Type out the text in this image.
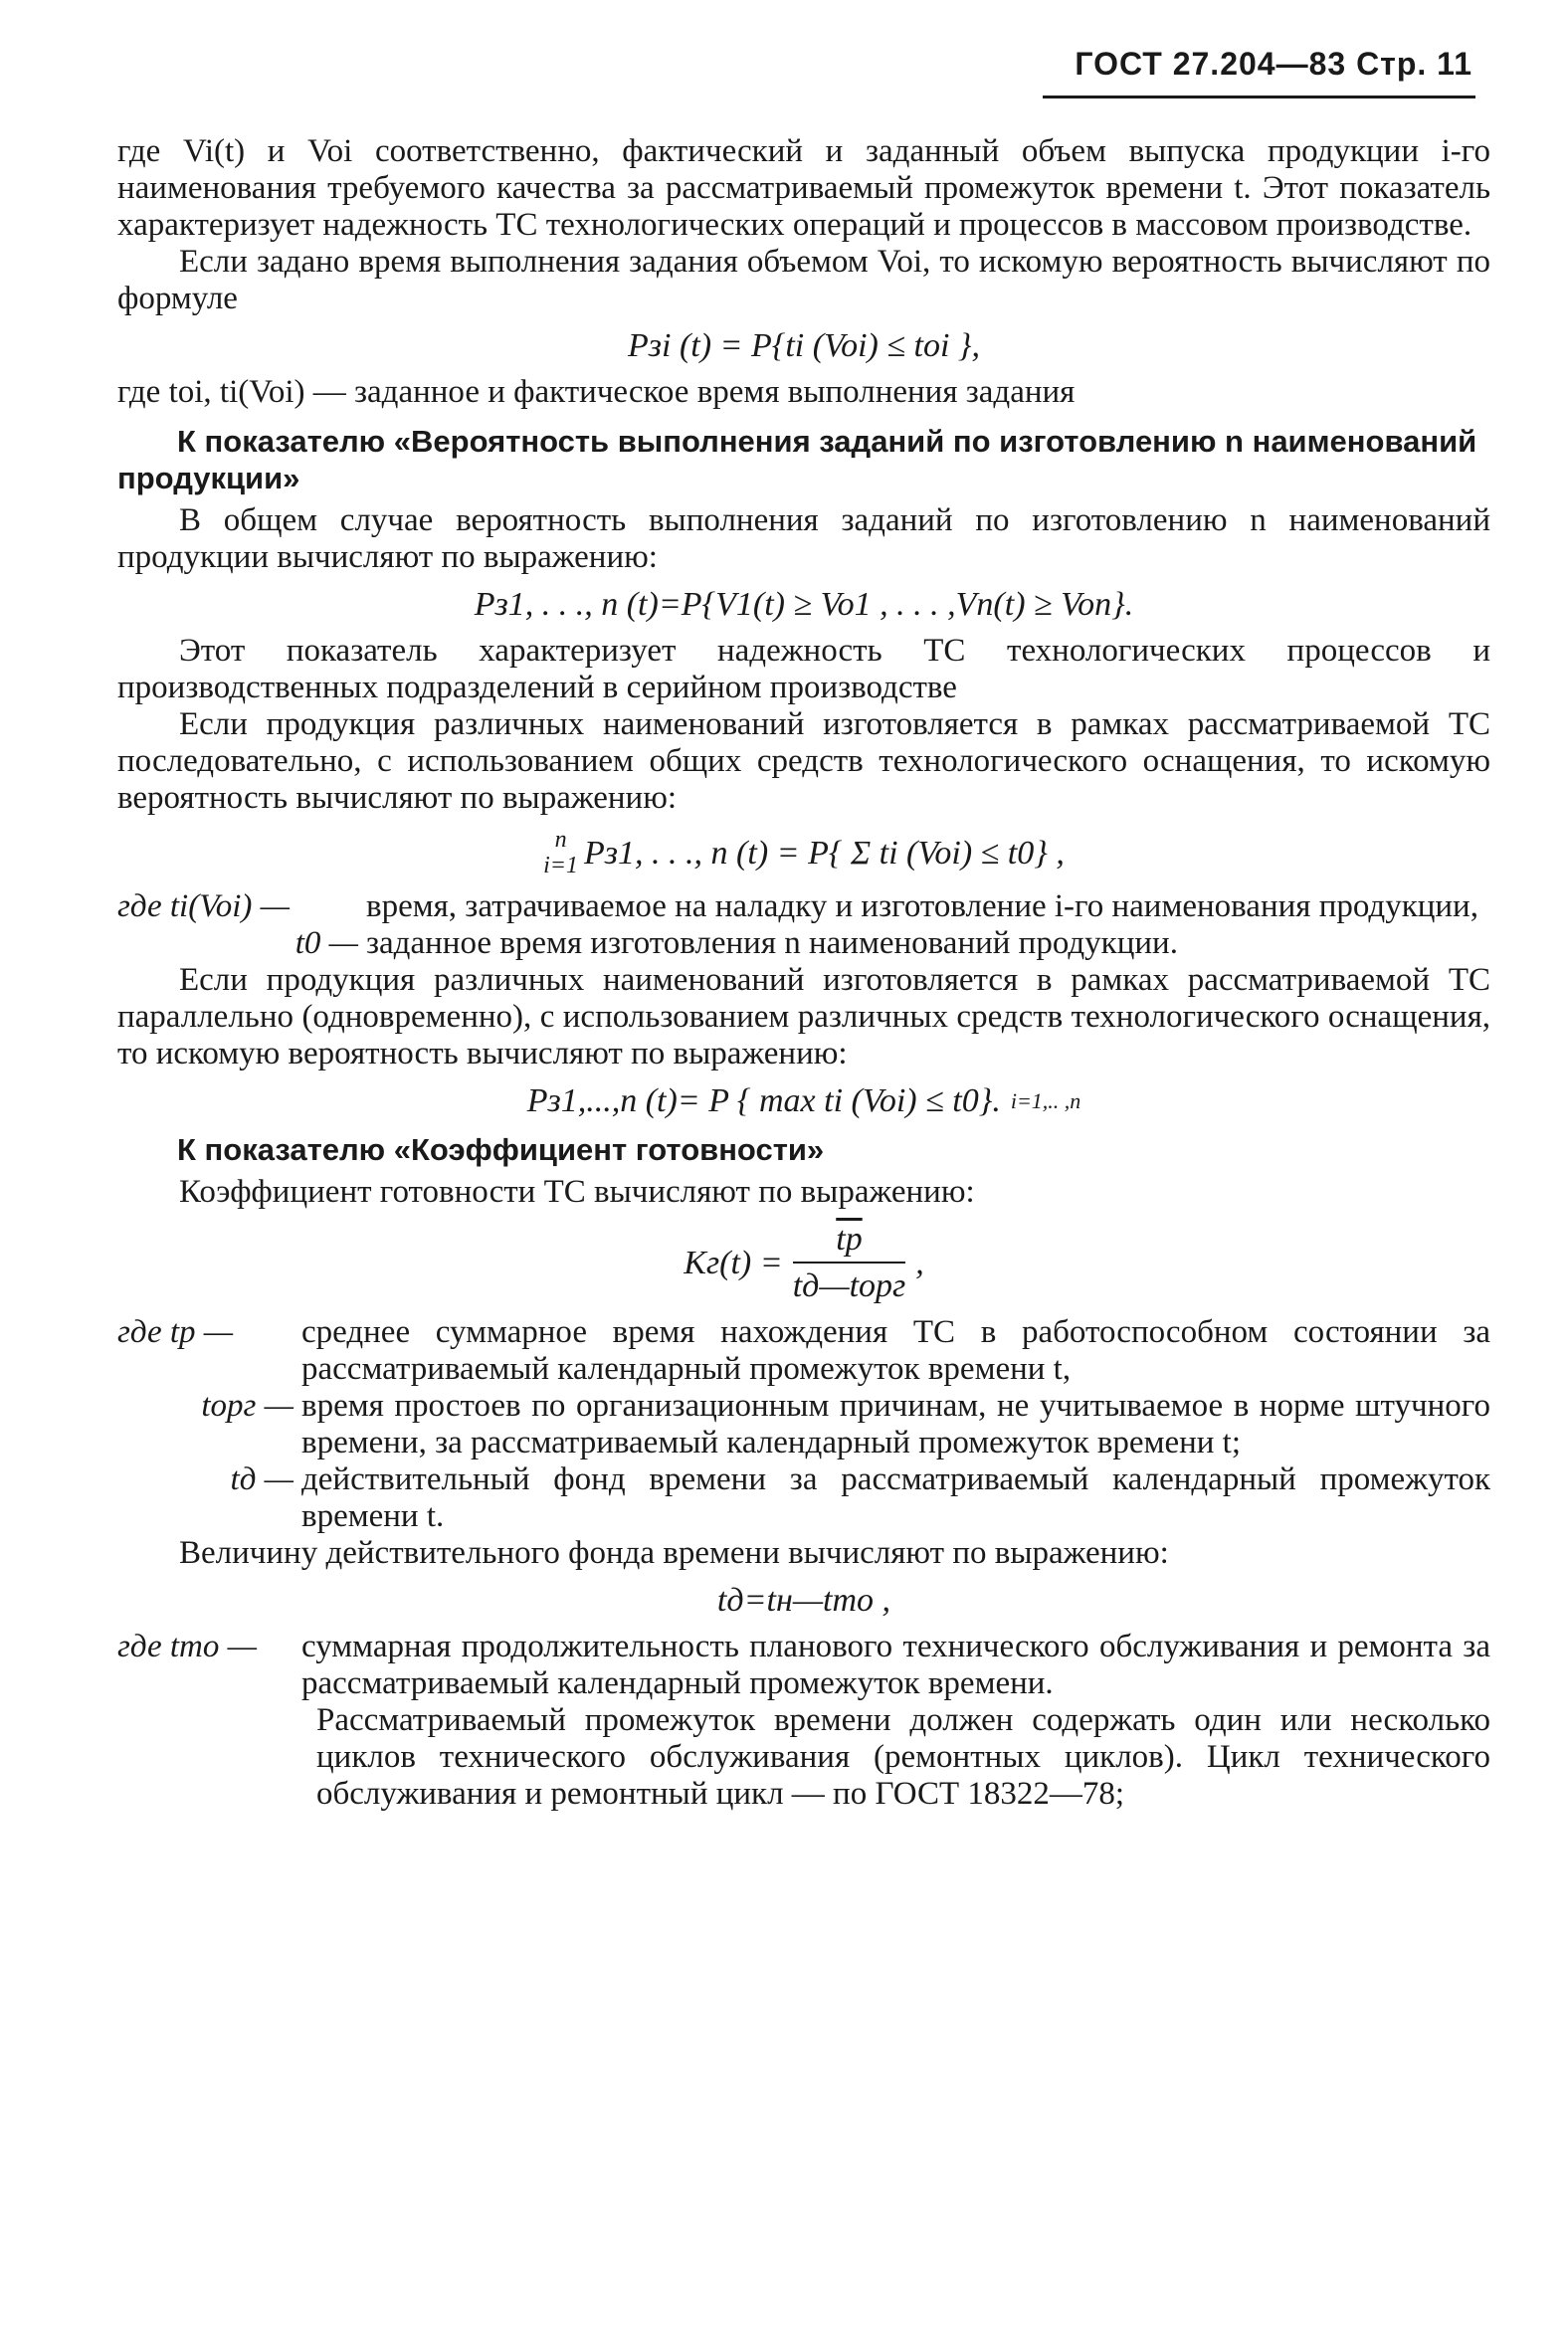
ГОСТ 27.204—83 Стр. 11

где Vi(t) и Voi соответственно, фактический и заданный объем выпуска продукции i-го наименования требуемого качества за рассматриваемый промежуток времени t. Этот показатель характеризует надежность ТС технологических операций и процессов в массовом производстве.

Если задано время выполнения задания объемом Voi, то искомую вероятность вычисляют по формуле

Pзi (t) = P{ti (Voi) ≤ toi },

где toi, ti(Voi) — заданное и фактическое время выполнения задания

К показателю «Вероятность выполнения заданий по изготовлению n наименований продукции»

В общем случае вероятность выполнения заданий по изготовлению n наименований продукции вычисляют по выражению:

Pз1, . . ., n (t)=P{V1(t) ≥ Vo1 , . . . ,Vn(t) ≥ Von}.

Этот показатель характеризует надежность ТС технологических процессов и производственных подразделений в серийном производстве

Если продукция различных наименований изготовляется в рамках рассматриваемой ТС последовательно, с использованием общих средств технологического оснащения, то искомую вероятность вычисляют по выражению:

n
i=1 Pз1, . . ., n (t) = P{ Σ ti (Voi) ≤ t0} ,
где ti(Voi) —	время, затрачиваемое на наладку и изготовление i-го наименования продукции,
t0 — заданное время изготовления n наименований продукции.

Если продукция различных наименований изготовляется в рамках рассматриваемой ТС параллельно (одновременно), с использованием различных средств технологического оснащения, то искомую вероятность вычисляют по выражению:

Pз1,...,n (t)= P { max ti (Voi) ≤ t0}. i=1,.. ,n

К показателю «Коэффициент готовности»

Коэффициент готовности ТС вычисляют по выражению:

$Kг(t) = \frac{tр}{\text{tд—tорг}}$ ,
где tр —	среднее суммарное время нахождения ТС в работоспособном состоянии за рассматриваемый календарный промежуток времени t,
tорг — время простоев по организационным причинам, не учитываемое в норме штучного времени, за рассматриваемый календарный промежуток времени t;
tд — действительный фонд времени за рассматриваемый календарный промежуток времени t.

Величину действительного фонда времени вычисляют по выражению:

tд=tн—tто ,

где tто —	суммарная продолжительность планового технического обслуживания и ремонта за рассматриваемый календарный промежуток времени.

Рассматриваемый промежуток времени должен содержать один или несколько циклов технического обслуживания (ремонтных циклов). Цикл технического обслуживания и ремонтный цикл — по ГОСТ 18322—78;
